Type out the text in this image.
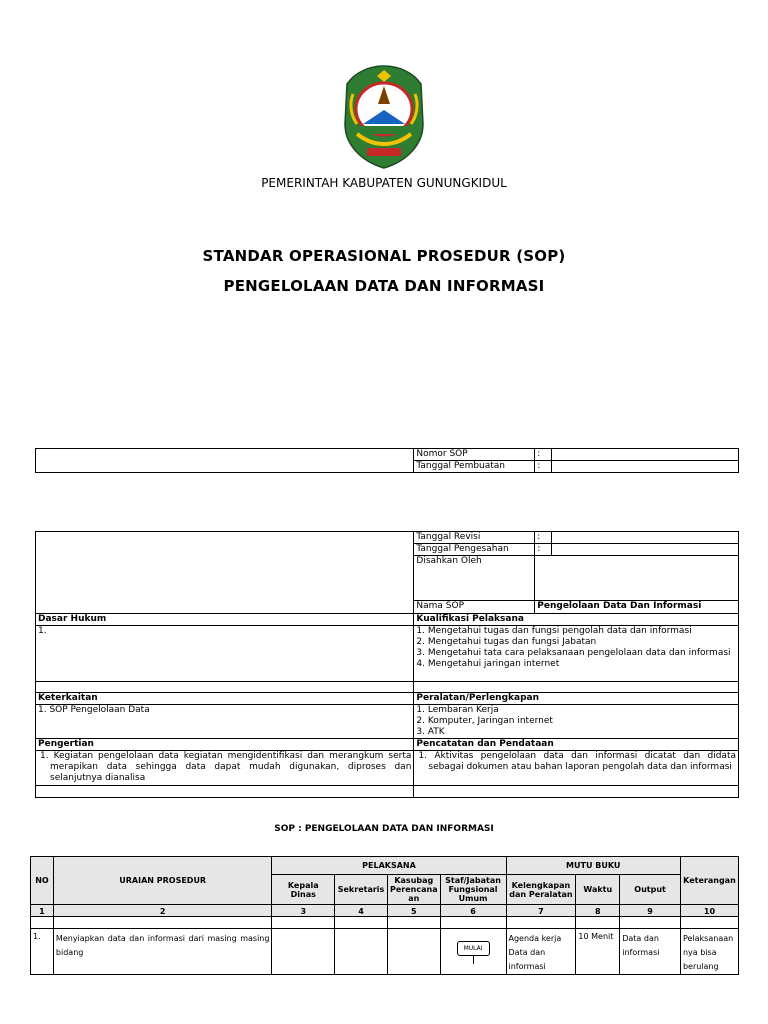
PEMERINTAH KABUPATEN GUNUNGKIDUL
STANDAR OPERASIONAL PROSEDUR (SOP)
PENGELOLAAN DATA DAN INFORMASI
	Nomor SOP	:	
	Tanggal Pembuatan	:	
	Tanggal Revisi	:	
	Tanggal Pengesahan	:	
	Disahkan Oleh		
	Nama SOP	Pengelolaan Data Dan Informasi	
Dasar Hukum	Kualifikasi Pelaksana		

1.	1. Mengetahui tugas dan fungsi pengolah data dan informasi
2. Mengetahui tugas dan fungsi Jabatan
3. Mengetahui tata cara pelaksanaan pengelolaan data dan informasi
4. Mengetahui jaringan internet		

Keterkaitan	Peralatan/Perlengkapan		

1. SOP Pengelolaan Data	1. Lembaran Kerja
2. Komputer, Jaringan internet
3. ATK		

Pengertian	Pencatatan dan Pendataan		

1. Kegiatan pengelolaan data kegiatan mengidentifikasi dan merangkum serta merapikan data sehingga data dapat mudah digunakan, diproses dan selanjutnya dianalisa	1. Aktivitas pengelolaan data dan informasi dicatat dan didata sebagai dokumen atau bahan laporan pengolah data dan informasi		

SOP : PENGELOLAAN DATA DAN INFORMASI
NO	URAIAN PROSEDUR	PELAKSANA				MUTU BUKU			Keterangan
		Kepala Dinas	Sekretaris	Kasubag Perencana an	Staf/Jabatan Fungsional Umum	Kelengkapan dan Peralatan	Waktu	Output	
1	2	3	4	5	6	7	8	9	10

1.	Menyiapkan data dan informasi dari masing masing bidang				MULAI	Agenda kerja Data dan informasi	10 Menit	Data dan informasi	Pelaksanaan nya bisa berulang
